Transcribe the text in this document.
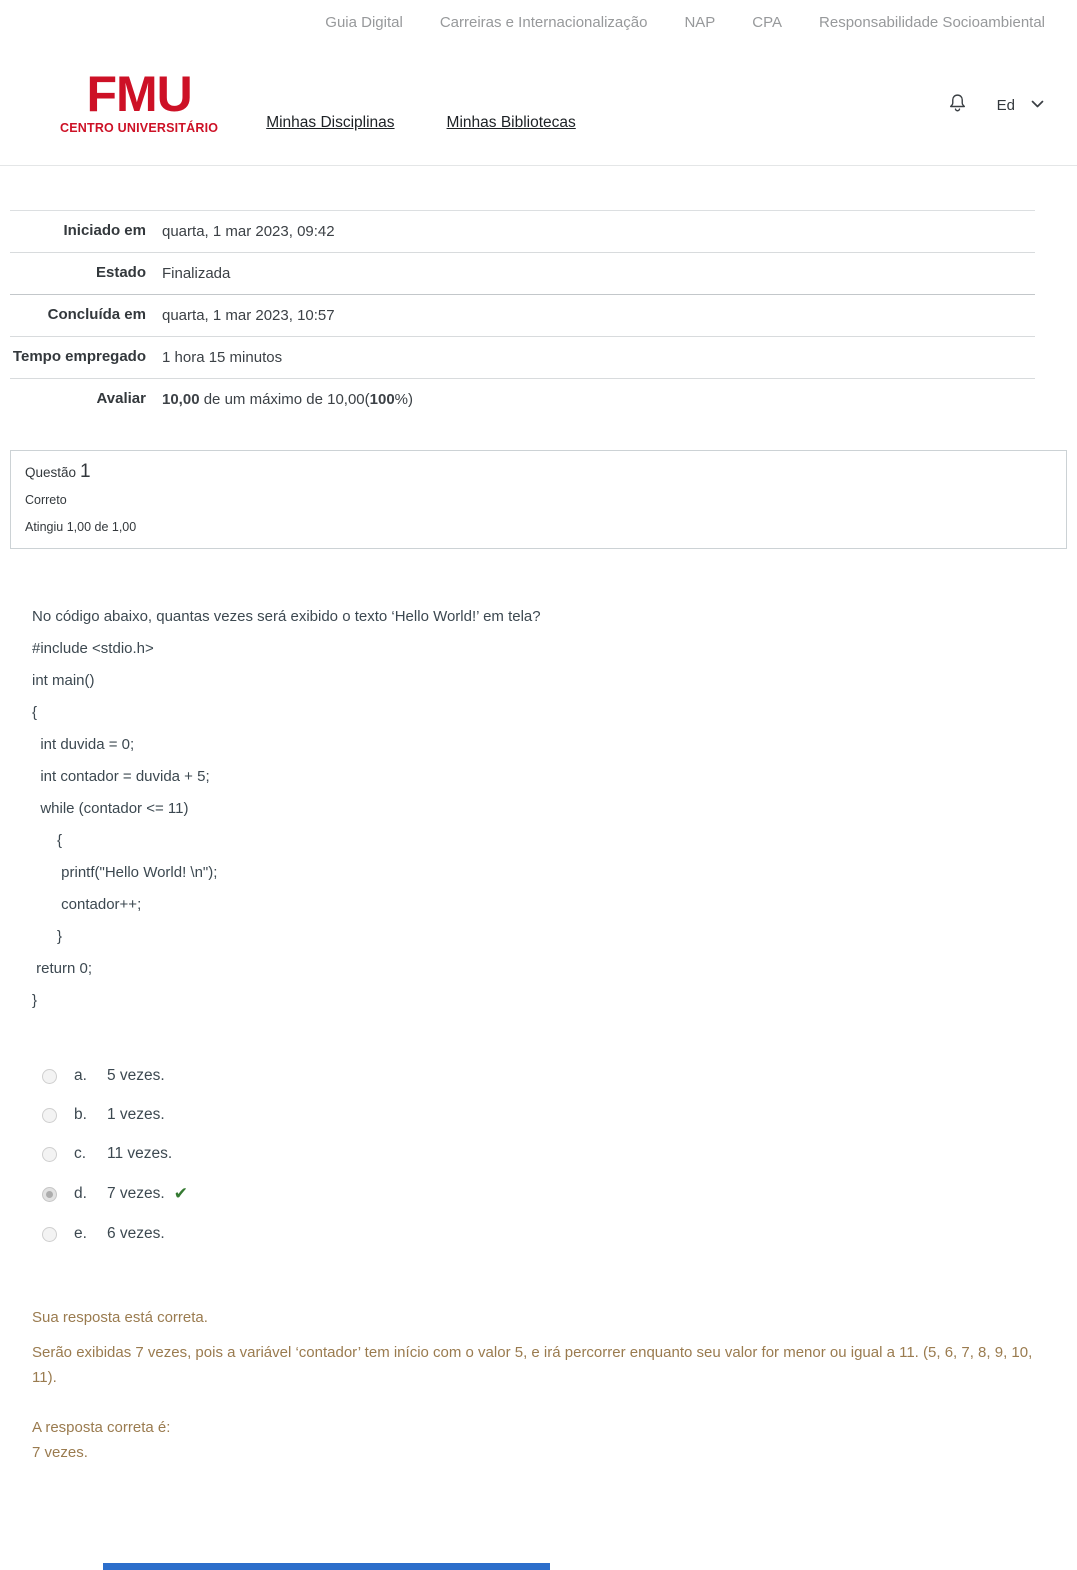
Guia Digital Carreiras e Internacionalização NAP CPA Responsabilidade Socioambiental
FMU
CENTRO UNIVERSITÁRIO	Minhas Disciplinas	Minhas Bibliotecas
Ed
Iniciado em	quarta, 1 mar 2023, 09:42
Estado	Finalizada
Concluída em	quarta, 1 mar 2023, 10:57
Tempo empregado	1 hora 15 minutos
Avaliar	10,00 de um máximo de 10,00(100%)
Questão 1
Correto
Atingiu 1,00 de 1,00
No código abaixo, quantas vezes será exibido o texto ‘Hello World!’ em tela?
#include <stdio.h>
int main()
{
int duvida = 0;
int contador = duvida + 5;
while (contador <= 11)
{
printf("Hello World! \n");
contador++;
}
return 0;
}
a.	5 vezes.
b.	1 vezes.
c.	11 vezes.
d.	7 vezes. ✔
e.	6 vezes.
Sua resposta está correta.
Serão exibidas 7 vezes, pois a variável ‘contador’ tem início com o valor 5, e irá percorrer enquanto seu valor for menor ou igual a 11. (5, 6, 7, 8, 9, 10, 11).
A resposta correta é:
7 vezes.
